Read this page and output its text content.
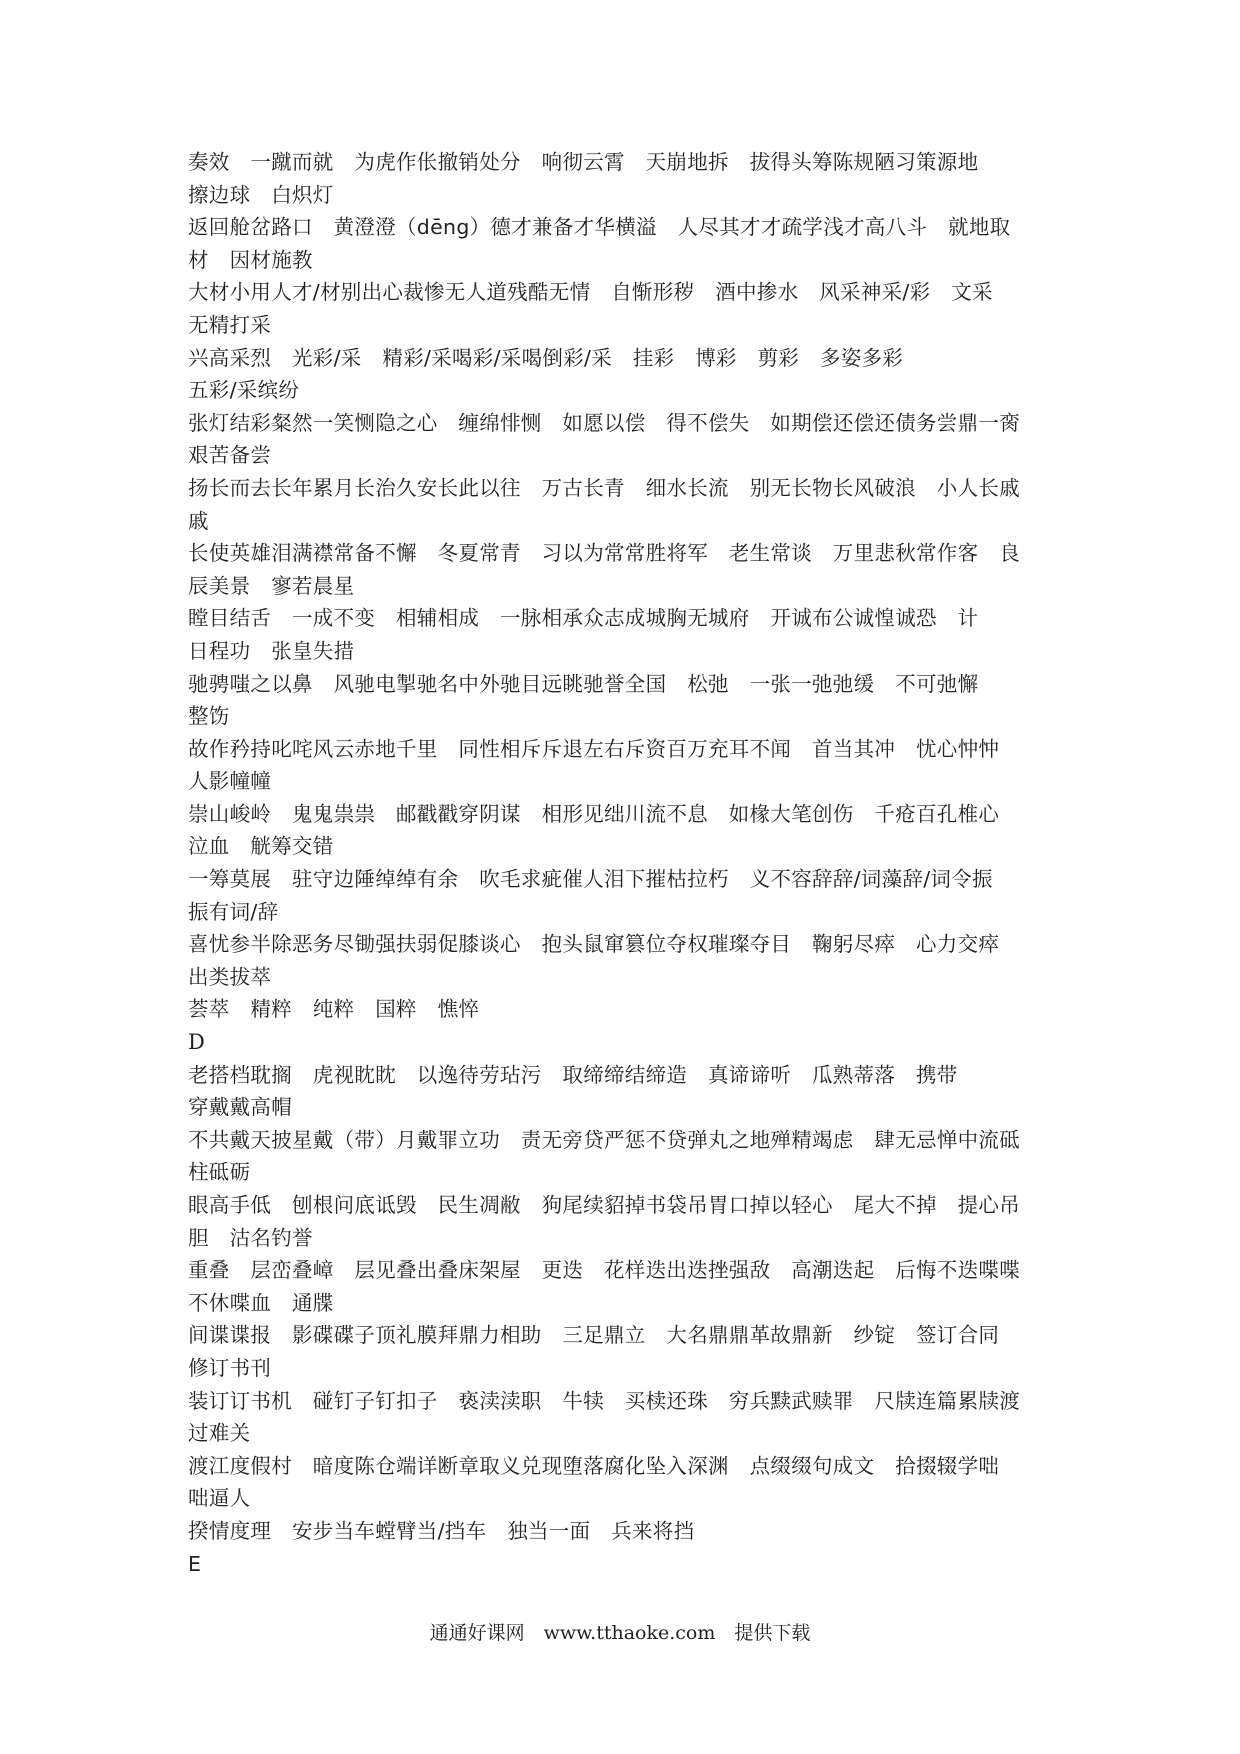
奏效　一蹴而就　为虎作伥撤销处分　响彻云霄　天崩地拆　拔得头筹陈规陋习策源地
擦边球　白炽灯
返回舱岔路口　黄澄澄（dēng）德才兼备才华横溢　人尽其才才疏学浅才高八斗　就地取
材　因材施教
大材小用人才/材别出心裁惨无人道残酷无情　自惭形秽　酒中掺水　风采神采/彩　文采
无精打采
兴高采烈　光彩/采　精彩/采喝彩/采喝倒彩/采　挂彩　博彩　剪彩　多姿多彩
五彩/采缤纷
张灯结彩粲然一笑恻隐之心　缠绵悱恻　如愿以偿　得不偿失　如期偿还偿还债务尝鼎一脔
艰苦备尝
扬长而去长年累月长治久安长此以往　万古长青　细水长流　别无长物长风破浪　小人长戚
戚
长使英雄泪满襟常备不懈　冬夏常青　习以为常常胜将军　老生常谈　万里悲秋常作客　良
辰美景　寥若晨星
瞠目结舌　一成不变　相辅相成　一脉相承众志成城胸无城府　开诚布公诚惶诚恐　计
日程功　张皇失措
驰骋嗤之以鼻　风驰电掣驰名中外驰目远眺驰誉全国　松弛　一张一弛弛缓　不可弛懈
整饬
故作矜持叱咤风云赤地千里　同性相斥斥退左右斥资百万充耳不闻　首当其冲　忧心忡忡
人影幢幢
崇山峻岭　鬼鬼祟祟　邮戳戳穿阴谋　相形见绌川流不息　如椽大笔创伤　千疮百孔椎心
泣血　觥筹交错
一筹莫展　驻守边陲绰绰有余　吹毛求疵催人泪下摧枯拉朽　义不容辞辞/词藻辞/词令振
振有词/辞
喜忧参半除恶务尽锄强扶弱促膝谈心　抱头鼠窜篡位夺权璀璨夺目　鞠躬尽瘁　心力交瘁
出类拔萃
荟萃　精粹　纯粹　国粹　憔悴
D
老搭档耽搁　虎视眈眈　以逸待劳玷污　取缔缔结缔造　真谛谛听　瓜熟蒂落　携带
穿戴戴高帽
不共戴天披星戴（带）月戴罪立功　责无旁贷严惩不贷弹丸之地殚精竭虑　肆无忌惮中流砥
柱砥砺
眼高手低　刨根问底诋毁　民生凋敝　狗尾续貂掉书袋吊胃口掉以轻心　尾大不掉　提心吊
胆　沽名钓誉
重叠　层峦叠嶂　层见叠出叠床架屋　更迭　花样迭出迭挫强敌　高潮迭起　后悔不迭喋喋
不休喋血　通牒
间谍谍报　影碟碟子顶礼膜拜鼎力相助　三足鼎立　大名鼎鼎革故鼎新　纱锭　签订合同
修订书刊
装订订书机　碰钉子钉扣子　亵渎渎职　牛犊　买椟还珠　穷兵黩武赎罪　尺牍连篇累牍渡
过难关
渡江度假村　暗度陈仓端详断章取义兑现堕落腐化坠入深渊　点缀缀句成文　拾掇辍学咄
咄逼人
揆情度理　安步当车螳臂当/挡车　独当一面　兵来将挡
E
通通好课网　www.tthaoke.com　提供下载
